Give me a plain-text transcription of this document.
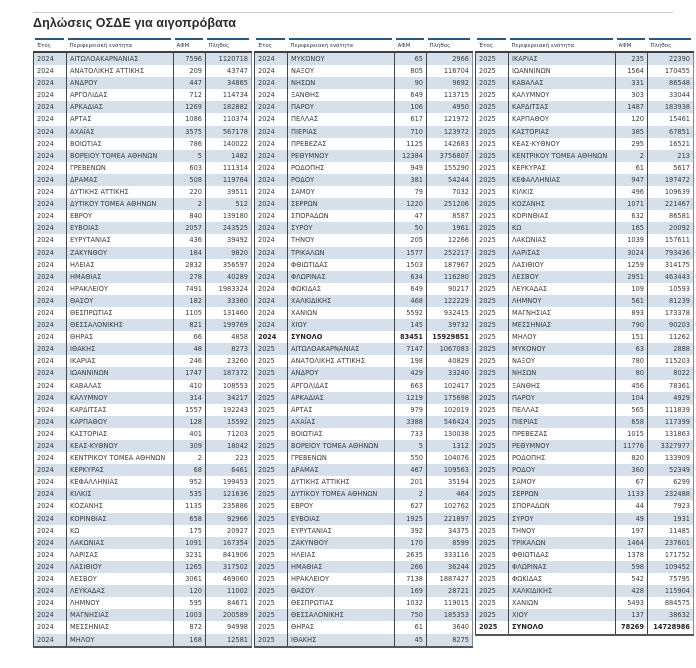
Δηλώσεις ΟΣΔΕ για αιγοπρόβατα
Έτος	Περιφερειακή ενότητα	ΑΦΜ	Πλήθος
2024	ΑΙΤΩΛΟΑΚΑΡΝΑΝΙΑΣ	7596	1120718
2024	ΑΝΑΤΟΛΙΚΗΣ ΑΤΤΙΚΗΣ	209	43747
2024	ΑΝΔΡΟΥ	447	34865
2024	ΑΡΓΟΛΙΔΑΣ	712	114734
2024	ΑΡΚΑΔΙΑΣ	1269	182882
2024	ΑΡΤΑΣ	1086	110374
2024	ΑΧΑΪΑΣ	3575	567178
2024	ΒΟΙΩΤΙΑΣ	786	140022
2024	ΒΟΡΕΙΟΥ ΤΟΜΕΑ ΑΘΗΝΩΝ	5	1482
2024	ΓΡΕΒΕΝΩΝ	603	111314
2024	ΔΡΑΜΑΣ	508	119764
2024	ΔΥΤΙΚΗΣ ΑΤΤΙΚΗΣ	220	39511
2024	ΔΥΤΙΚΟΥ ΤΟΜΕΑ ΑΘΗΝΩΝ	2	512
2024	ΕΒΡΟΥ	840	139180
2024	ΕΥΒΟΙΑΣ	2057	243525
2024	ΕΥΡΥΤΑΝΙΑΣ	436	39492
2024	ΖΑΚΥΝΘΟΥ	184	9820
2024	ΗΛΕΙΑΣ	2832	356597
2024	ΗΜΑΘΙΑΣ	278	40289
2024	ΗΡΑΚΛΕΙΟΥ	7491	1983324
2024	ΘΑΣΟΥ	182	33360
2024	ΘΕΣΠΡΩΤΙΑΣ	1105	131460
2024	ΘΕΣΣΑΛΟΝΙΚΗΣ	821	199769
2024	ΘΗΡΑΣ	66	4858
2024	ΙΘΑΚΗΣ	48	8273
2024	ΙΚΑΡΙΑΣ	246	23260
2024	ΙΩΑΝΝΙΝΩΝ	1747	187372
2024	ΚΑΒΑΛΑΣ	410	108553
2024	ΚΑΛΥΜΝΟΥ	314	34217
2024	ΚΑΡΔΙΤΣΑΣ	1557	192243
2024	ΚΑΡΠΑΘΟΥ	128	15592
2024	ΚΑΣΤΟΡΙΑΣ	401	71203
2024	ΚΕΑΣ-ΚΥΘΝΟΥ	309	18042
2024	ΚΕΝΤΡΙΚΟΥ ΤΟΜΕΑ ΑΘΗΝΩΝ	2	223
2024	ΚΕΡΚΥΡΑΣ	68	6461
2024	ΚΕΦΑΛΛΗΝΙΑΣ	952	199453
2024	ΚΙΛΚΙΣ	535	121636
2024	ΚΟΖΑΝΗΣ	1135	235886
2024	ΚΟΡΙΝΘΙΑΣ	658	92966
2024	ΚΩ	175	20927
2024	ΛΑΚΩΝΙΑΣ	1091	167354
2024	ΛΑΡΙΣΑΣ	3231	841906
2024	ΛΑΣΙΘΙΟΥ	1265	317502
2024	ΛΕΣΒΟΥ	3061	469060
2024	ΛΕΥΚΑΔΑΣ	120	11002
2024	ΛΗΜΝΟΥ	595	84671
2024	ΜΑΓΝΗΣΙΑΣ	1003	200589
2024	ΜΕΣΣΗΝΙΑΣ	872	94998
2024	ΜΗΛΟΥ	168	12581
Έτος	Περιφερειακή ενότητα	ΑΦΜ	Πλήθος
2024	ΜΥΚΟΝΟΥ	65	2966
2024	ΝΑΞΟΥ	805	116704
2024	ΝΗΣΩΝ	90	9692
2024	ΞΑΝΘΗΣ	649	113715
2024	ΠΑΡΟΥ	106	4950
2024	ΠΕΛΛΑΣ	617	121972
2024	ΠΙΕΡΙΑΣ	710	123972
2024	ΠΡΕΒΕΖΑΣ	1125	142683
2024	ΡΕΘΥΜΝΟΥ	12384	3756807
2024	ΡΟΔΟΠΗΣ	949	155290
2024	ΡΟΔΟΥ	381	54244
2024	ΣΑΜΟΥ	79	7032
2024	ΣΕΡΡΩΝ	1220	251206
2024	ΣΠΟΡΑΔΩΝ	47	8587
2024	ΣΥΡΟΥ	50	1961
2024	ΤΗΝΟΥ	205	12266
2024	ΤΡΙΚΑΛΩΝ	1577	252217
2024	ΦΘΙΩΤΙΔΑΣ	1503	187967
2024	ΦΛΩΡΙΝΑΣ	634	116280
2024	ΦΩΚΙΔΑΣ	649	90217
2024	ΧΑΛΚΙΔΙΚΗΣ	468	122229
2024	ΧΑΝΙΩΝ	5592	932415
2024	ΧΙΟΥ	145	39732
2024	ΣΥΝΟΛΟ	83451	15929851
2025	ΑΙΤΩΛΟΑΚΑΡΝΑΝΙΑΣ	7147	1067083
2025	ΑΝΑΤΟΛΙΚΗΣ ΑΤΤΙΚΗΣ	198	40829
2025	ΑΝΔΡΟΥ	429	33240
2025	ΑΡΓΟΛΙΔΑΣ	663	102417
2025	ΑΡΚΑΔΙΑΣ	1219	175698
2025	ΑΡΤΑΣ	979	102019
2025	ΑΧΑΪΑΣ	3388	546424
2025	ΒΟΙΩΤΙΑΣ	733	130038
2025	ΒΟΡΕΙΟΥ ΤΟΜΕΑ ΑΘΗΝΩΝ	5	1312
2025	ΓΡΕΒΕΝΩΝ	550	104076
2025	ΔΡΑΜΑΣ	467	109563
2025	ΔΥΤΙΚΗΣ ΑΤΤΙΚΗΣ	201	35194
2025	ΔΥΤΙΚΟΥ ΤΟΜΕΑ ΑΘΗΝΩΝ	2	464
2025	ΕΒΡΟΥ	627	102762
2025	ΕΥΒΟΙΑΣ	1925	221897
2025	ΕΥΡΥΤΑΝΙΑΣ	392	34375
2025	ΖΑΚΥΝΘΟΥ	170	8599
2025	ΗΛΕΙΑΣ	2635	333116
2025	ΗΜΑΘΙΑΣ	266	36244
2025	ΗΡΑΚΛΕΙΟΥ	7138	1887427
2025	ΘΑΣΟΥ	169	28721
2025	ΘΕΣΠΡΩΤΙΑΣ	1032	119015
2025	ΘΕΣΣΑΛΟΝΙΚΗΣ	750	185353
2025	ΘΗΡΑΣ	61	3640
2025	ΙΘΑΚΗΣ	45	8275
Έτος	Περιφερειακή ενότητα	ΑΦΜ	Πλήθος
2025	ΙΚΑΡΙΑΣ	235	22390
2025	ΙΩΑΝΝΙΝΩΝ	1564	170455
2025	ΚΑΒΑΛΑΣ	331	86548
2025	ΚΑΛΥΜΝΟΥ	303	33044
2025	ΚΑΡΔΙΤΣΑΣ	1487	183938
2025	ΚΑΡΠΑΘΟΥ	120	15461
2025	ΚΑΣΤΟΡΙΑΣ	385	67851
2025	ΚΕΑΣ-ΚΥΘΝΟΥ	295	16521
2025	ΚΕΝΤΡΙΚΟΥ ΤΟΜΕΑ ΑΘΗΝΩΝ	2	213
2025	ΚΕΡΚΥΡΑΣ	61	5617
2025	ΚΕΦΑΛΛΗΝΙΑΣ	947	197472
2025	ΚΙΛΚΙΣ	496	109639
2025	ΚΟΖΑΝΗΣ	1071	221467
2025	ΚΟΡΙΝΘΙΑΣ	632	86581
2025	ΚΩ	165	20092
2025	ΛΑΚΩΝΙΑΣ	1039	157611
2025	ΛΑΡΙΣΑΣ	3024	793436
2025	ΛΑΣΙΘΙΟΥ	1259	314175
2025	ΛΕΣΒΟΥ	2951	463443
2025	ΛΕΥΚΑΔΑΣ	109	10593
2025	ΛΗΜΝΟΥ	561	81239
2025	ΜΑΓΝΗΣΙΑΣ	893	173378
2025	ΜΕΣΣΗΝΙΑΣ	790	90203
2025	ΜΗΛΟΥ	151	11262
2025	ΜΥΚΟΝΟΥ	63	2888
2025	ΝΑΞΟΥ	780	115203
2025	ΝΗΣΩΝ	80	8022
2025	ΞΑΝΘΗΣ	456	78361
2025	ΠΑΡΟΥ	104	4929
2025	ΠΕΛΛΑΣ	565	111839
2025	ΠΙΕΡΙΑΣ	658	117399
2025	ΠΡΕΒΕΖΑΣ	1015	131863
2025	ΡΕΘΥΜΝΟΥ	11776	3327977
2025	ΡΟΔΟΠΗΣ	820	133909
2025	ΡΟΔΟΥ	360	52349
2025	ΣΑΜΟΥ	67	6299
2025	ΣΕΡΡΩΝ	1133	232488
2025	ΣΠΟΡΑΔΩΝ	44	7923
2025	ΣΥΡΟΥ	49	1931
2025	ΤΗΝΟΥ	197	11485
2025	ΤΡΙΚΑΛΩΝ	1464	237601
2025	ΦΘΙΩΤΙΔΑΣ	1378	171752
2025	ΦΛΩΡΙΝΑΣ	598	109452
2025	ΦΩΚΙΔΑΣ	542	75795
2025	ΧΑΛΚΙΔΙΚΗΣ	428	115904
2025	ΧΑΝΙΩΝ	5493	884575
2025	ΧΙΟΥ	137	38632
2025	ΣΥΝΟΛΟ	78269	14728986
